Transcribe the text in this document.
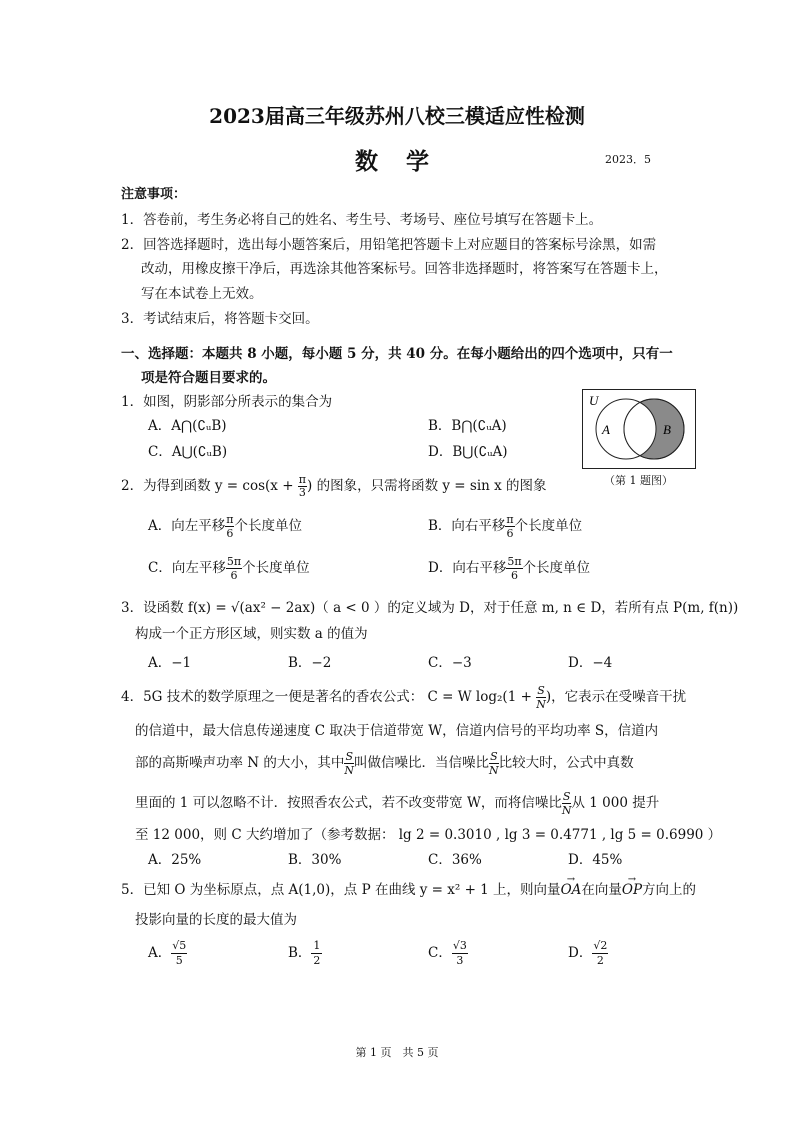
2023届高三年级苏州八校三模适应性检测
数学	2023．5
注意事项：
1．答卷前，考生务必将自己的姓名、考生号、考场号、座位号填写在答题卡上。
2．回答选择题时，选出每小题答案后，用铅笔把答题卡上对应题目的答案标号涂黑，如需
改动，用橡皮擦干净后，再选涂其他答案标号。回答非选择题时，将答案写在答题卡上，
写在本试卷上无效。
3．考试结束后，将答题卡交回。
一、选择题：本题共 8 小题，每小题 5 分，共 40 分。在每小题给出的四个选项中，只有一
项是符合题目要求的。
1．如图，阴影部分所表示的集合为
A．A⋂(∁ᵤB)	B．B⋂(∁ᵤA)
C．A⋃(∁ᵤB)	D．B⋃(∁ᵤA)
U
A	B
（第 1 题图）
2．为得到函数 $y = \cos(x + \frac{\pi}{3}$ ) 的图象，只需将函数 y = sin x 的图象
A．向左平移 $\frac{\pi}{6}$ 个长度单位	B．向右平移 $\frac{\pi}{6}$ 个长度单位
C．向左平移 $\frac{5\pi}{6}$ 个长度单位	D．向右平移 $\frac{5\pi}{6}$ 个长度单位
3．设函数 f(x) = √(ax² − 2ax)（ a < 0 ）的定义域为 D，对于任意 m, n ∈ D，若所有点 P(m, f(n))
构成一个正方形区域，则实数 a 的值为
A．−1	B．−2	C．−3	D．−4
4．5G 技术的数学原理之一便是著名的香农公式： C = W $\log_2(1 + \frac{S}{N}$ )，它表示在受噪音干扰
的信道中，最大信息传递速度 C 取决于信道带宽 W，信道内信号的平均功率 S，信道内
部的高斯噪声功率 N 的大小，其中 $\frac{S}{N}$ 叫做信噪比．当信噪比 $\frac{S}{N}$ 比较大时，公式中真数
里面的 1 可以忽略不计．按照香农公式，若不改变带宽 W，而将信噪比 $\frac{S}{N}$ 从 1 000 提升
至 12 000，则 C 大约增加了（参考数据： lg 2 = 0.3010 , lg 3 = 0.4771 , lg 5 = 0.6990 ）
A．25%	B．30%	C．36%	D．45%
5．已知 O 为坐标原点，点 A(1,0)，点 P 在曲线 y = x² + 1 上，则向量
→
OA在向量
→
OP方向上的
投影向量的长度的最大值为
A． $\frac{√5}{5}$	B． $\frac{1}{2}$	C． $\frac{√3}{3}$	D． $\frac{√2}{2}$
第 1 页　共 5 页
